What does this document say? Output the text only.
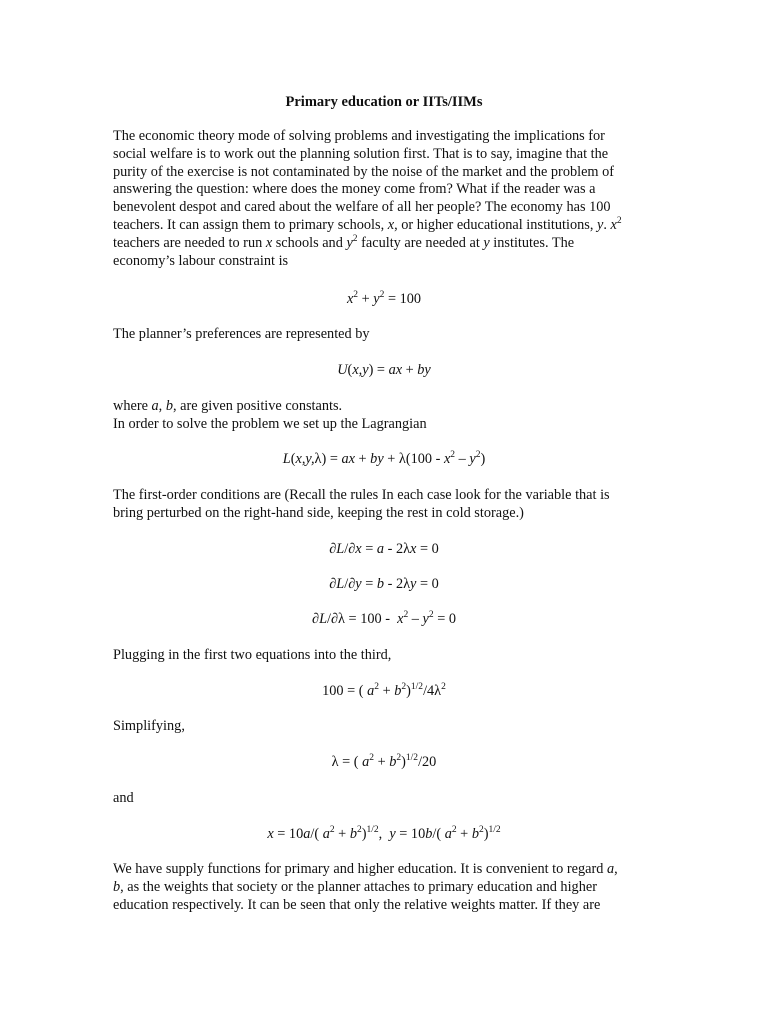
Primary education or IITs/IIMs
The economic theory mode of solving problems and investigating the implications for
social welfare is to work out the planning solution first. That is to say, imagine that the
purity of the exercise is not contaminated by the noise of the market and the problem of
answering the question: where does the money come from? What if the reader was a
benevolent despot and cared about the welfare of all her people? The economy has 100
teachers. It can assign them to primary schools, x, or higher educational institutions, y. $x^2$
teachers are needed to run x schools and $y^2$ faculty are needed at y institutes. The
economy’s labour constraint is
$x^2 + y^2 = 100$
The planner’s preferences are represented by
U(x,y) = ax + by
where a, b, are given positive constants.
In order to solve the problem we set up the Lagrangian
L(x,y,λ) = ax + by + $\lambda(100 - x^2 - y^2)$
The first-order conditions are (Recall the rules In each case look for the variable that is
bring perturbed on the right-hand side, keeping the rest in cold storage.)
∂L/∂x = a - 2λx = 0
∂L/∂y = b - 2λy = 0
$\partial L/\partial\lambda = 100 - x^2 - y^2 = 0$
Plugging in the first two equations into the third,
100 = ( $a^2 + b^2)^{1/2}/4\lambda^2$
Simplifying,
λ = ( $a^2 + b^2)^{1/2}/20$
and
x = 10a/( $a^2 + b^2)^{1/2}$,  y = 10b/( $a^2 + b^2)^{1/2}$
We have supply functions for primary and higher education. It is convenient to regard a,
b, as the weights that society or the planner attaches to primary education and higher
education respectively. It can be seen that only the relative weights matter. If they are
